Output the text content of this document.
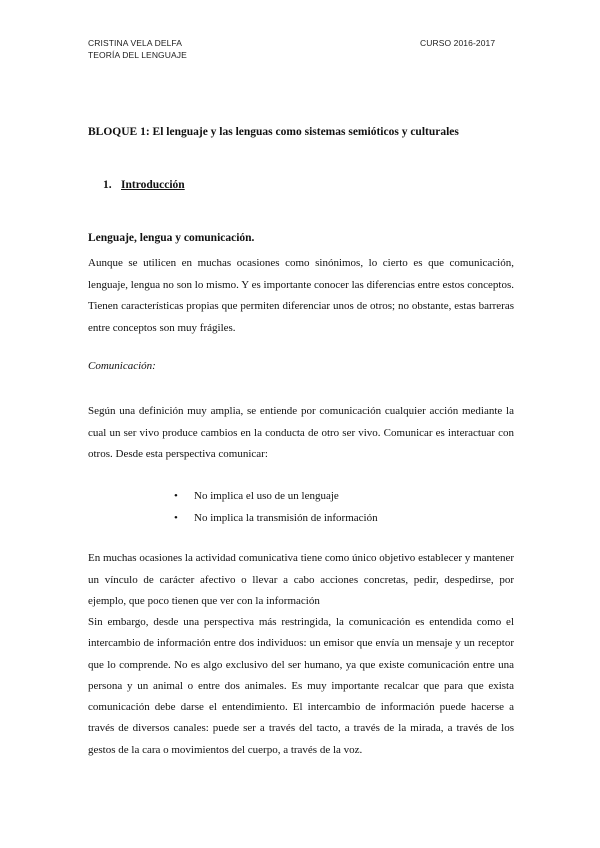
CRISTINA VELA DELFA
TEORÍA DEL LENGUAJE
CURSO 2016-2017
BLOQUE 1: El lenguaje y las lenguas como sistemas semióticos y culturales
1. Introducción
Lenguaje, lengua y comunicación.

Aunque se utilicen en muchas ocasiones como sinónimos, lo cierto es que comunicación, lenguaje, lengua no son lo mismo. Y es importante conocer las diferencias entre estos conceptos. Tienen características propias que permiten diferenciar unos de otros; no obstante, estas barreras entre conceptos son muy frágiles.

Comunicación:

Según una definición muy amplia, se entiende por comunicación cualquier acción mediante la cual un ser vivo produce cambios en la conducta de otro ser vivo. Comunicar es interactuar con otros. Desde esta perspectiva comunicar:

• No implica el uso de un lenguaje
• No implica la transmisión de información

En muchas ocasiones la actividad comunicativa tiene como único objetivo establecer y mantener un vínculo de carácter afectivo o llevar a cabo acciones concretas, pedir, despedirse, por ejemplo, que poco tienen que ver con la información

Sin embargo, desde una perspectiva más restringida, la comunicación es entendida como el intercambio de información entre dos individuos: un emisor que envía un mensaje y un receptor que lo comprende. No es algo exclusivo del ser humano, ya que existe comunicación entre una persona y un animal o entre dos animales. Es muy importante recalcar que para que exista comunicación debe darse el entendimiento. El intercambio de información puede hacerse a través de diversos canales: puede ser a través del tacto, a través de la mirada, a través de los gestos de la cara o movimientos del cuerpo, a través de la voz.
